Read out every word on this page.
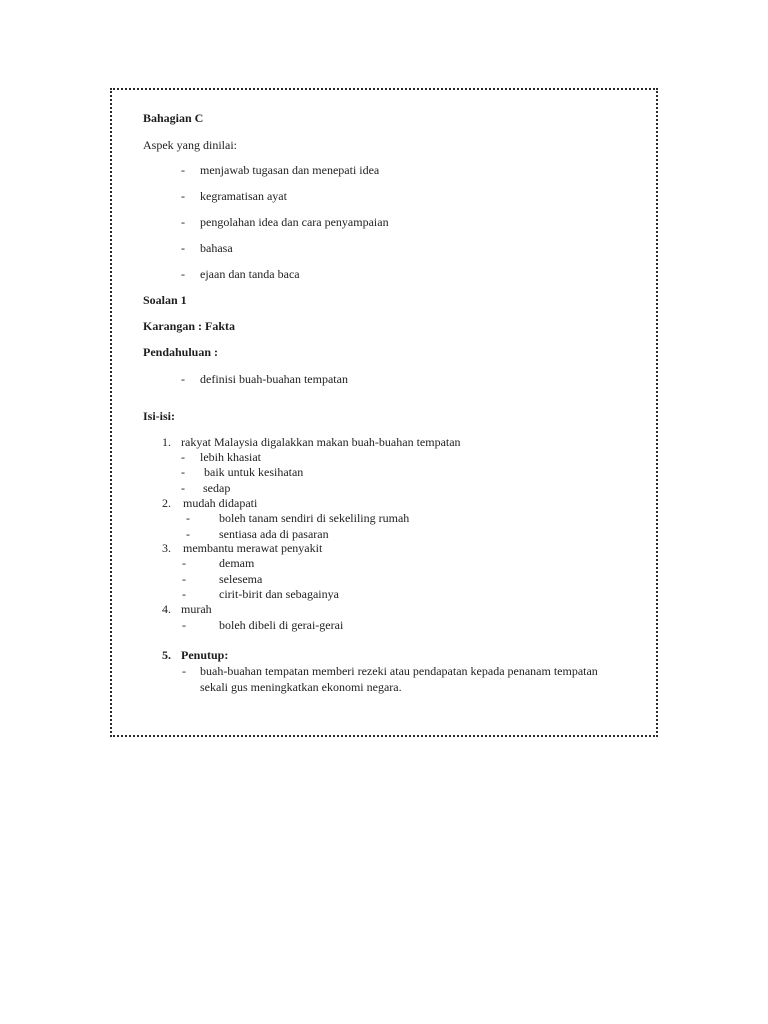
Bahagian C
Aspek yang dinilai:
- menjawab tugasan dan menepati idea
- kegramatisan ayat
- pengolahan idea dan cara penyampaian
- bahasa
- ejaan dan tanda baca
Soalan 1
Karangan : Fakta
Pendahuluan :
- definisi buah-buahan tempatan
Isi-isi:
1. rakyat Malaysia digalakkan makan buah-buahan tempatan
- lebih khasiat
- baik untuk kesihatan
- sedap
2. mudah didapati
- boleh tanam sendiri di sekeliling rumah
- sentiasa ada di pasaran
3. membantu merawat penyakit
-	demam
-	selesema
-	cirit-birit dan sebagainya
4. murah
-	boleh dibeli di gerai-gerai
5. Penutup:
- buah-buahan tempatan memberi rezeki atau pendapatan kepada penanam tempatan
sekali gus meningkatkan ekonomi negara.
